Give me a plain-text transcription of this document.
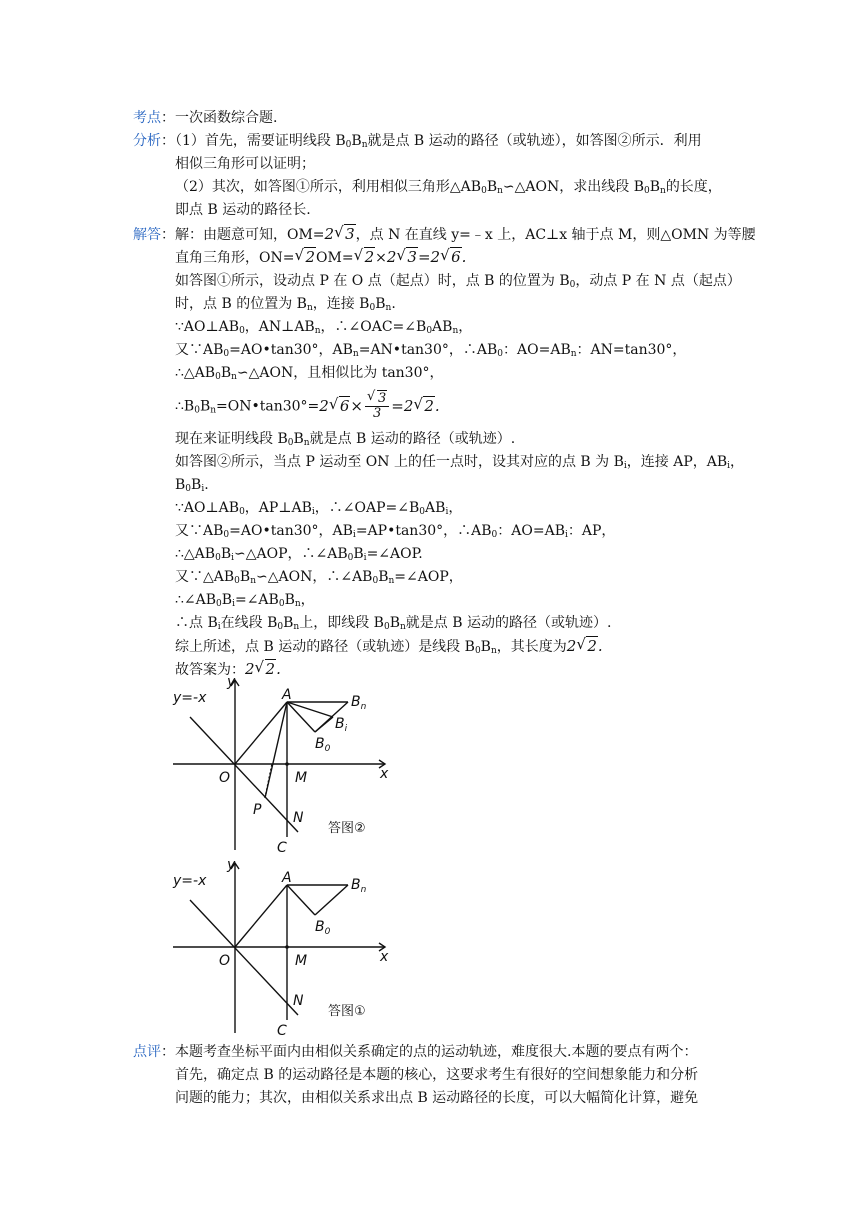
考点：一次函数综合题.
分析：（1）首先，需要证明线段 $B_0B_n$就是点 B 运动的路径（或轨迹），如答图②所示．利用
相似三角形可以证明；
（2）其次，如答图①所示，利用相似三角形$\triangle AB_0B_n∽\triangle AON$，求出线段 $B_0B_n$的长度，
即点 B 运动的路径长.
解答：解：由题意可知，OM=2√ 3，点 N 在直线 y=﹣x 上，AC⊥x 轴于点 M，则△OMN 为等腰
直角三角形，ON=√ 2OM=√ 2×2√ 3=2√ 6.
如答图①所示，设动点 P 在 O 点（起点）时，点 B 的位置为 $B_0$，动点 P 在 N 点（起点）
时，点 B 的位置为 $B_n$，连接 $B_0B_n$.
$\because AO\perp AB_0$，$AN\perp AB_n$，$\therefore\angle OAC=\angle B_0AB_n$，
又$\because AB_0=AO•\tan 30^\circ$，$AB_n=AN•\tan 30^\circ$，$\therefore AB_0$：$AO=AB_n$：AN=tan30°，
$\therefore\triangle AB_0B_n∽\triangle AON$，且相似比为 tan30°，
$\therefore B_0B_n=ON•\tan 30^\circ=2√$ 6×
√ $\frac{3}{3} =2√$ 2.
现在来证明线段 $B_0B_n$就是点 B 运动的路径（或轨迹）.
如答图②所示，当点 P 运动至 ON 上的任一点时，设其对应的点 B 为 $B_i$，连接 AP，$AB_i$，
$B_0B_i$.
$\because AO\perp AB_0$，$AP\perp AB_i$，$\therefore\angle OAP=\angle B_0AB_i$，
又$\because AB_0=AO•\tan 30^\circ$，$AB_i=AP•\tan 30^\circ$，$\therefore AB_0$：$AO=AB_i$：AP，
$\therefore\triangle AB_0B_i∽\triangle AOP$，$\therefore\angle AB_0B_i=\angle AOP$.
又$\because\triangle AB_0B_n∽\triangle AON$，$\therefore\angle AB_0B_n=\angle AOP$，
$\therefore\angle AB_0B_i=\angle AB_0B_n$，
∴点 $B_i$在线段 $B_0B_n$上，即线段 $B_0B_n$就是点 B 运动的路径（或轨迹）.
综上所述，点 B 运动的路径（或轨迹）是线段 $B_0B_n$，其长度为2√ 2.
故答案为：2√ 2.
y=-x
y
x
O	M
N
C
A
P
$B_n$
$B_i$
$B_0$
答图②
y=-x
y
x
O	M
N
C
A	$B_n$
$B_0$
答图①
点评：本题考查坐标平面内由相似关系确定的点的运动轨迹，难度很大.本题的要点有两个：
首先，确定点 B 的运动路径是本题的核心，这要求考生有很好的空间想象能力和分析
问题的能力；其次，由相似关系求出点 B 运动路径的长度，可以大幅简化计算，避免
